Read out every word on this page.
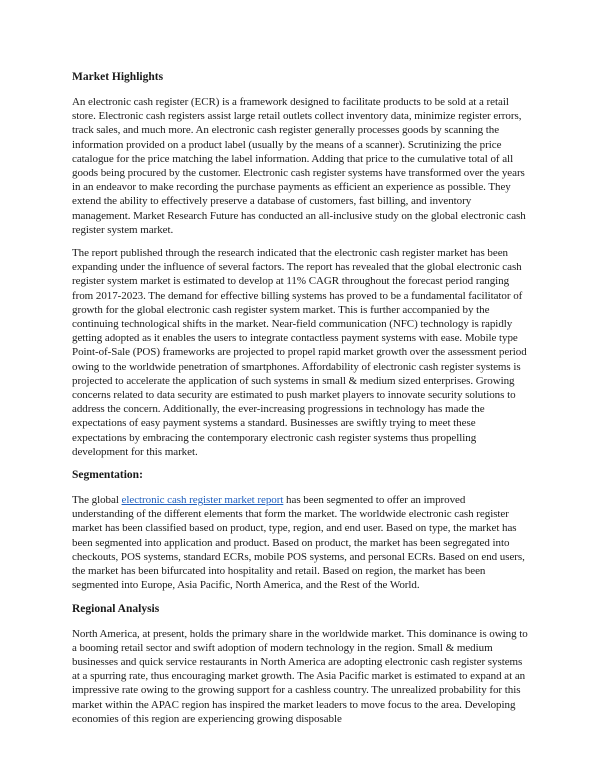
Market Highlights

An electronic cash register (ECR) is a framework designed to facilitate products to be sold at a retail store. Electronic cash registers assist large retail outlets collect inventory data, minimize register errors, track sales, and much more. An electronic cash register generally processes goods by scanning the information provided on a product label (usually by the means of a scanner). Scrutinizing the price catalogue for the price matching the label information. Adding that price to the cumulative total of all goods being procured by the customer. Electronic cash register systems have transformed over the years in an endeavor to make recording the purchase payments as efficient an experience as possible. They extend the ability to effectively preserve a database of customers, fast billing, and inventory management. Market Research Future has conducted an all-inclusive study on the global electronic cash register system market.

The report published through the research indicated that the electronic cash register market has been expanding under the influence of several factors. The report has revealed that the global electronic cash register system market is estimated to develop at 11% CAGR throughout the forecast period ranging from 2017-2023. The demand for effective billing systems has proved to be a fundamental facilitator of growth for the global electronic cash register system market. This is further accompanied by the continuing technological shifts in the market. Near-field communication (NFC) technology is rapidly getting adopted as it enables the users to integrate contactless payment systems with ease. Mobile type Point-of-Sale (POS) frameworks are projected to propel rapid market growth over the assessment period owing to the worldwide penetration of smartphones. Affordability of electronic cash register systems is projected to accelerate the application of such systems in small & medium sized enterprises. Growing concerns related to data security are estimated to push market players to innovate security solutions to address the concern. Additionally, the ever-increasing progressions in technology has made the expectations of easy payment systems a standard. Businesses are swiftly trying to meet these expectations by embracing the contemporary electronic cash register systems thus propelling development for this market.

Segmentation:

The global electronic cash register market report has been segmented to offer an improved understanding of the different elements that form the market. The worldwide electronic cash register market has been classified based on product, type, region, and end user. Based on type, the market has been segmented into application and product. Based on product, the market has been segregated into checkouts, POS systems, standard ECRs, mobile POS systems, and personal ECRs. Based on end users, the market has been bifurcated into hospitality and retail. Based on region, the market has been segmented into Europe, Asia Pacific, North America, and the Rest of the World.

Regional Analysis

North America, at present, holds the primary share in the worldwide market. This dominance is owing to a booming retail sector and swift adoption of modern technology in the region. Small & medium businesses and quick service restaurants in North America are adopting electronic cash register systems at a spurring rate, thus encouraging market growth. The Asia Pacific market is estimated to expand at an impressive rate owing to the growing support for a cashless country. The unrealized probability for this market within the APAC region has inspired the market leaders to move focus to the area. Developing economies of this region are experiencing growing disposable
